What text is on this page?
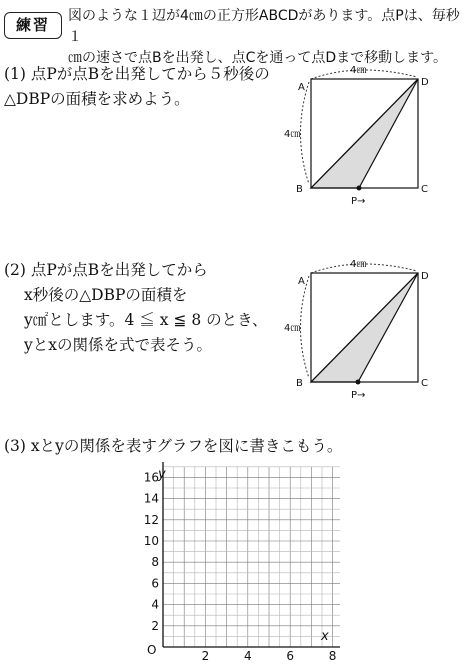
練習	図のような１辺が4㎝の正方形ABCDがあります。点Pは、毎秒１
㎝の速さで点Bを出発し、点Cを通って点Dまで移動します。
(1) 点Pが点Bを出発してから５秒後の
△DBPの面積を求めよう。
4㎝
4㎝
A	D
B	C
P→
(2) 点Pが点Bを出発してから
x秒後の△DBPの面積を
y㎠とします。4 ≦ x ≦ 8 のとき、
yとxの関係を式で表そう。
4㎝
4㎝
A	D
B	C
P→
(3) xとyの関係を表すグラフを図に書きこもう。
2
4
6
8
10
12
14
16
2	4	6	8
y
x
O
